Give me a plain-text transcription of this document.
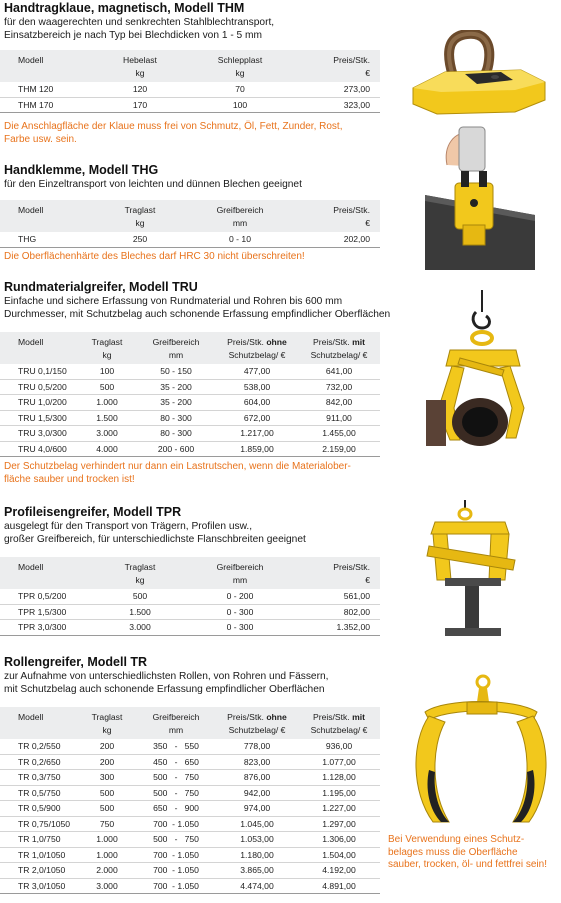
Handtragklaue, magnetisch, Modell THM
für den waagerechten und senkrechten Stahlblechtransport,
Einsatzbereich je nach Typ bei Blechdicken von 1 - 5 mm
Modell	Hebelast	Schlepplast	Preis/Stk.
	kg	kg	€
THM 120	120	70	273,00
THM 170	170	100	323,00
Die Anschlagfläche der Klaue muss frei von Schmutz, Öl, Fett, Zunder, Rost,
Farbe usw. sein.
Handklemme, Modell THG
für den Einzeltransport von leichten und dünnen Blechen geeignet
Modell	Traglast	Greifbereich	Preis/Stk.
	kg	mm	€
THG	250	0 - 10	202,00
Die Oberflächenhärte des Bleches darf HRC 30 nicht überschreiten!
Rundmaterialgreifer, Modell TRU
Einfache und sichere Erfassung von Rundmaterial und Rohren bis 600 mm
Durchmesser, mit Schutzbelag auch schonende Erfassung empfindlicher Oberflächen
Modell	Traglast	Greifbereich	Preis/Stk. ohne	Preis/Stk. mit
	kg	mm	Schutzbelag/ €	Schutzbelag/ €
TRU 0,1/150	100	50 - 150	477,00	641,00
TRU 0,5/200	500	35 - 200	538,00	732,00
TRU 1,0/200	1.000	35 - 200	604,00	842,00
TRU 1,5/300	1.500	80 - 300	672,00	911,00
TRU 3,0/300	3.000	80 - 300	1.217,00	1.455,00
TRU 4,0/600	4.000	200 - 600	1.859,00	2.159,00
Der Schutzbelag verhindert nur dann ein Lastrutschen, wenn die Materialober-
fläche sauber und trocken ist!
Profileisengreifer, Modell TPR
ausgelegt für den Transport von Trägern, Profilen usw.,
großer Greifbereich, für unterschiedlichste Flanschbreiten geeignet
Modell	Traglast	Greifbereich	Preis/Stk.
	kg	mm	€
TPR 0,5/200	500	0 - 200	561,00
TPR 1,5/300	1.500	0 - 300	802,00
TPR 3,0/300	3.000	0 - 300	1.352,00
Rollengreifer, Modell TR
zur Aufnahme von unterschiedlichsten Rollen, von Rohren und Fässern,
mit Schutzbelag auch schonende Erfassung empfindlicher Oberflächen
Modell	Traglast	Greifbereich	Preis/Stk. ohne	Preis/Stk. mit
	kg	mm	Schutzbelag/ €	Schutzbelag/ €
TR 0,2/550	200	350   -   550	778,00	936,00
TR 0,2/650	200	450   -   650	823,00	1.077,00
TR 0,3/750	300	500   -   750	876,00	1.128,00
TR 0,5/750	500	500   -   750	942,00	1.195,00
TR 0,5/900	500	650   -   900	974,00	1.227,00
TR 0,75/1050	750	700  - 1.050	1.045,00	1.297,00
TR 1,0/750	1.000	500   -   750	1.053,00	1.306,00
TR 1,0/1050	1.000	700  - 1.050	1.180,00	1.504,00
TR 2,0/1050	2.000	700  - 1.050	3.865,00	4.192,00
TR 3,0/1050	3.000	700  - 1.050	4.474,00	4.891,00
Bei Verwendung eines Schutz-belages muss die Oberfläche sauber, trocken, öl- und fettfrei sein!
